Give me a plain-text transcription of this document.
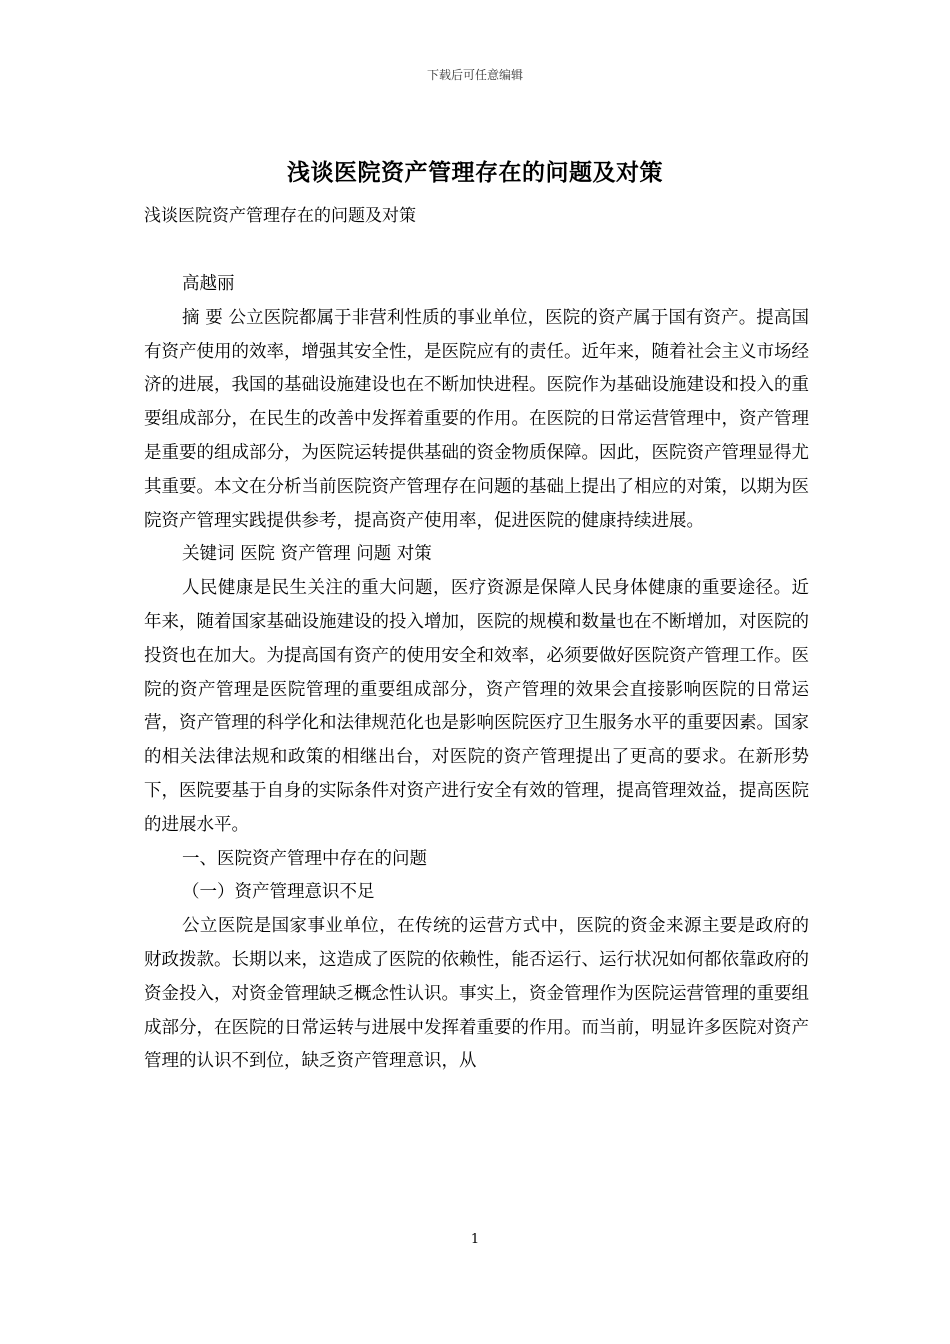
下载后可任意编辑
浅谈医院资产管理存在的问题及对策
浅谈医院资产管理存在的问题及对策

高越丽

摘 要 公立医院都属于非营利性质的事业单位，医院的资产属于国有资产。提高国有资产使用的效率，增强其安全性，是医院应有的责任。近年来，随着社会主义市场经济的进展，我国的基础设施建设也在不断加快进程。医院作为基础设施建设和投入的重要组成部分，在民生的改善中发挥着重要的作用。在医院的日常运营管理中，资产管理是重要的组成部分，为医院运转提供基础的资金物质保障。因此，医院资产管理显得尤其重要。本文在分析当前医院资产管理存在问题的基础上提出了相应的对策，以期为医院资产管理实践提供参考，提高资产使用率，促进医院的健康持续进展。

关键词 医院 资产管理 问题 对策

人民健康是民生关注的重大问题，医疗资源是保障人民身体健康的重要途径。近年来，随着国家基础设施建设的投入增加，医院的规模和数量也在不断增加，对医院的投资也在加大。为提高国有资产的使用安全和效率，必须要做好医院资产管理工作。医院的资产管理是医院管理的重要组成部分，资产管理的效果会直接影响医院的日常运营，资产管理的科学化和法律规范化也是影响医院医疗卫生服务水平的重要因素。国家的相关法律法规和政策的相继出台，对医院的资产管理提出了更高的要求。在新形势下，医院要基于自身的实际条件对资产进行安全有效的管理，提高管理效益，提高医院的进展水平。

一、医院资产管理中存在的问题

（一）资产管理意识不足

公立医院是国家事业单位，在传统的运营方式中，医院的资金来源主要是政府的财政拨款。长期以来，这造成了医院的依赖性，能否运行、运行状况如何都依靠政府的资金投入，对资金管理缺乏概念性认识。事实上，资金管理作为医院运营管理的重要组成部分，在医院的日常运转与进展中发挥着重要的作用。而当前，明显许多医院对资产管理的认识不到位，缺乏资产管理意识，从

1
